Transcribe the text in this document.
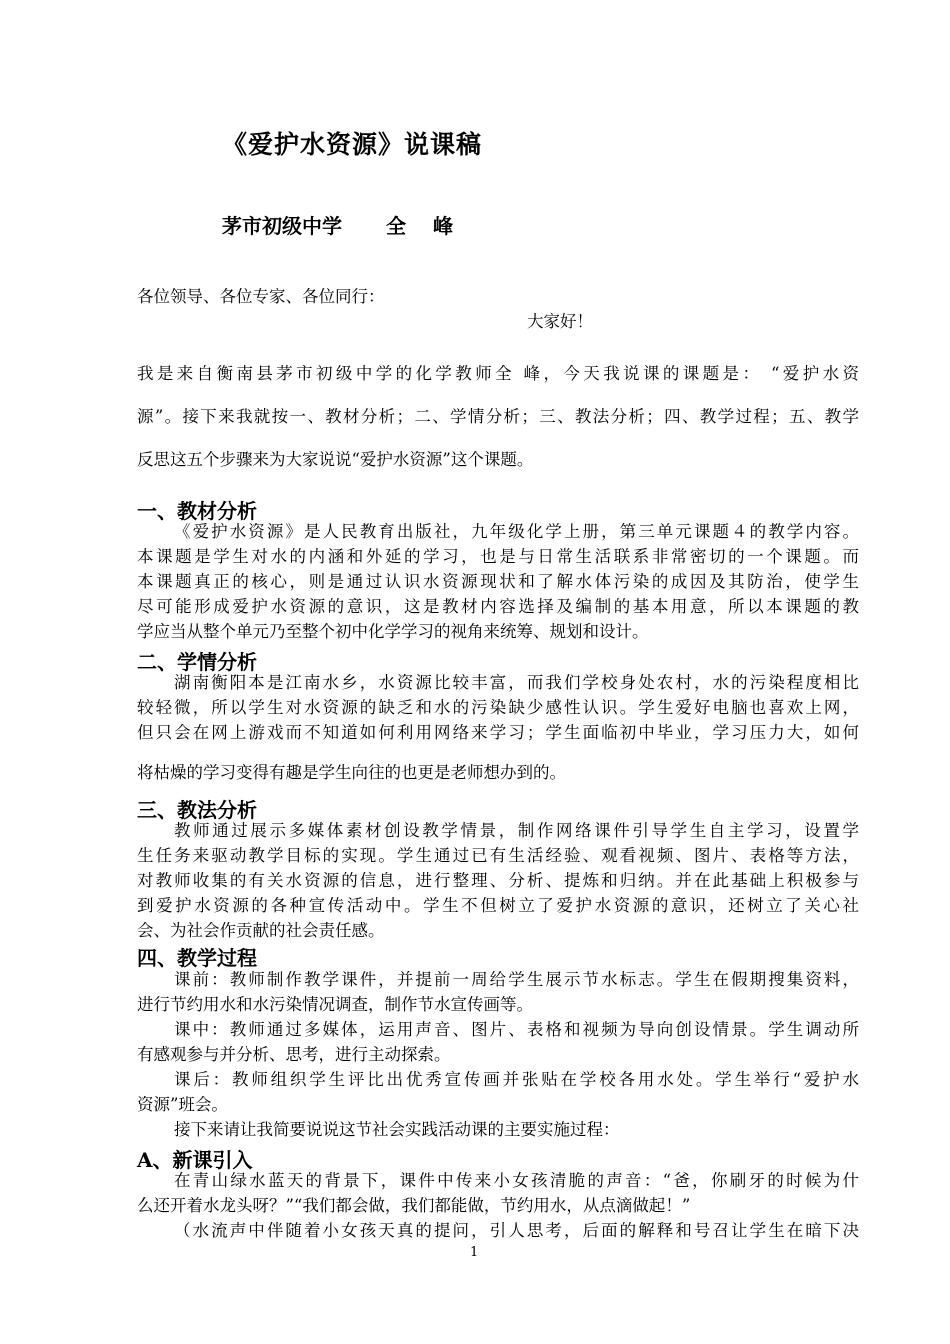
《爱护水资源》说课稿
茅市初级中学 全 峰
各位领导、各位专家、各位同行：
大家好！
我是来自衡南县茅市初级中学的化学教师全 峰，今天我说课的课题是： “爱护水资
源”。接下来我就按一、教材分析；二、学情分析；三、教法分析；四、教学过程；五、教学
反思这五个步骤来为大家说说“爱护水资源”这个课题。
一、教材分析
《爱护水资源》是人民教育出版社，九年级化学上册，第三单元课题４的教学内容。
本课题是学生对水的内涵和外延的学习，也是与日常生活联系非常密切的一个课题。而
本课题真正的核心，则是通过认识水资源现状和了解水体污染的成因及其防治，使学生
尽可能形成爱护水资源的意识，这是教材内容选择及编制的基本用意，所以本课题的教
学应当从整个单元乃至整个初中化学学习的视角来统筹、规划和设计。
二、学情分析
湖南衡阳本是江南水乡，水资源比较丰富，而我们学校身处农村，水的污染程度相比
较轻微，所以学生对水资源的缺乏和水的污染缺少感性认识。学生爱好电脑也喜欢上网，
但只会在网上游戏而不知道如何利用网络来学习；学生面临初中毕业，学习压力大，如何
将枯燥的学习变得有趣是学生向往的也更是老师想办到的。
三、教法分析
教师通过展示多媒体素材创设教学情景，制作网络课件引导学生自主学习，设置学
生任务来驱动教学目标的实现。学生通过已有生活经验、观看视频、图片、表格等方法，
对教师收集的有关水资源的信息，进行整理、分析、提炼和归纳。并在此基础上积极参与
到爱护水资源的各种宣传活动中。学生不但树立了爱护水资源的意识，还树立了关心社
会、为社会作贡献的社会责任感。
四、教学过程
课前：教师制作教学课件，并提前一周给学生展示节水标志。学生在假期搜集资料，
进行节约用水和水污染情况调查，制作节水宣传画等。
课中：教师通过多媒体，运用声音、图片、表格和视频为导向创设情景。学生调动所
有感观参与并分析、思考，进行主动探索。
课后：教师组织学生评比出优秀宣传画并张贴在学校各用水处。学生举行“爱护水
资源”班会。
接下来请让我简要说说这节社会实践活动课的主要实施过程：
A、新课引入
在青山绿水蓝天的背景下，课件中传来小女孩清脆的声音：“爸，你刷牙的时候为什
么还开着水龙头呀？”“我们都会做，我们都能做，节约用水，从点滴做起！”
（水流声中伴随着小女孩天真的提问，引人思考，后面的解释和号召让学生在暗下决
1
